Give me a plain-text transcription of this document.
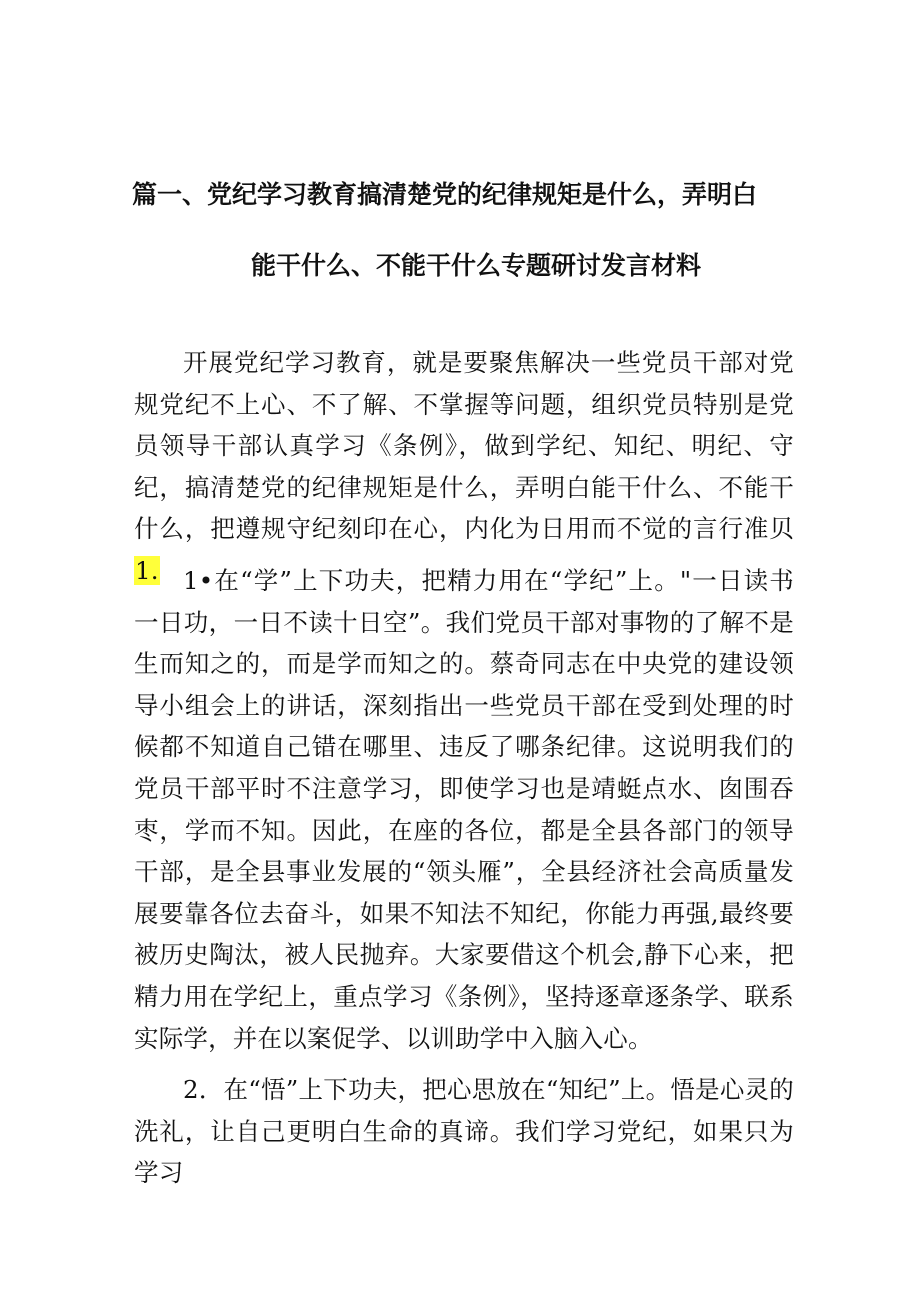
篇一、党纪学习教育搞清楚党的纪律规矩是什么，弄明白
能干什么、不能干什么专题研讨发言材料

开展党纪学习教育，就是要聚焦解决一些党员干部对党规党纪不上心、不了解、不掌握等问题，组织党员特别是党员领导干部认真学习《条例》，做到学纪、知纪、明纪、守纪，搞清楚党的纪律规矩是什么，弄明白能干什么、不能干什么，把遵规守纪刻印在心，内化为日用而不觉的言行准贝1. 1•在“学”上下功夫，把精力用在“学纪”上。"一日读书一日功，一日不读十日空”。我们党员干部对事物的了解不是生而知之的，而是学而知之的。蔡奇同志在中央党的建设领导小组会上的讲话，深刻指出一些党员干部在受到处理的时候都不知道自己错在哪里、违反了哪条纪律。这说明我们的党员干部平时不注意学习，即使学习也是靖蜓点水、囱围吞枣，学而不知。因此，在座的各位，都是全县各部门的领导干部，是全县事业发展的“领头雁”，全县经济社会高质量发展要靠各位去奋斗，如果不知法不知纪，你能力再强,最终要被历史陶汰，被人民抛弃。大家要借这个机会,静下心来，把精力用在学纪上，重点学习《条例》，坚持逐章逐条学、联系实际学，并在以案促学、以训助学中入脑入心。

2．在“悟”上下功夫，把心思放在“知纪”上。悟是心灵的洗礼，让自己更明白生命的真谛。我们学习党纪，如果只为学习
